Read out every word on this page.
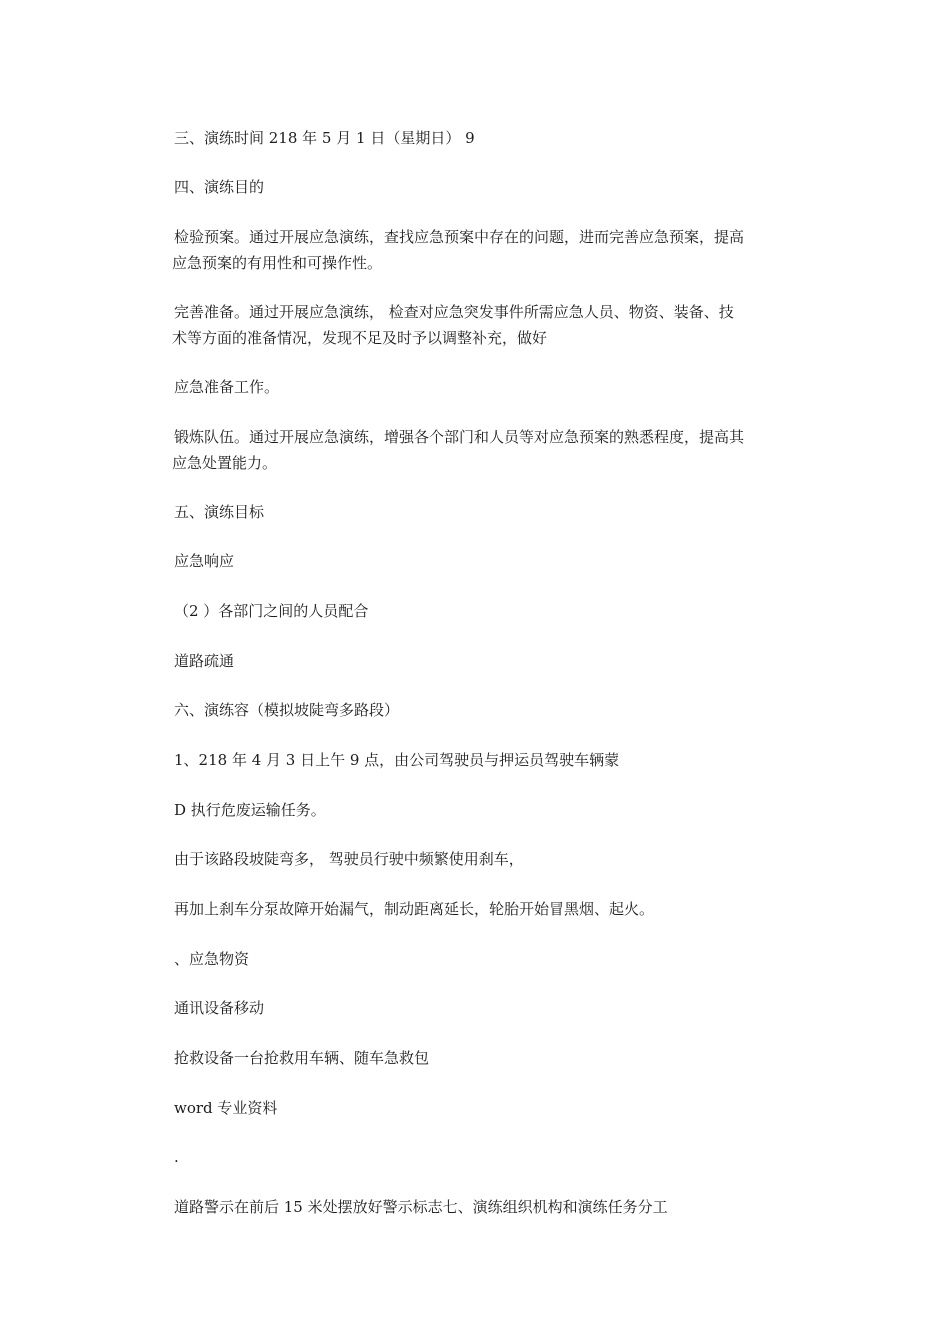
三、演练时间 218 年 5 月 1 日（星期日） 9
四、演练目的
检验预案。通过开展应急演练，查找应急预案中存在的问题，进而完善应急预案，提高
应急预案的有用性和可操作性。
完善准备。通过开展应急演练， 检查对应急突发事件所需应急人员、物资、装备、技
术等方面的准备情况，发现不足及时予以调整补充，做好
应急准备工作。
锻炼队伍。通过开展应急演练，增强各个部门和人员等对应急预案的熟悉程度，提高其
应急处置能力。
五、演练目标
应急响应
（2 ）各部门之间的人员配合
道路疏通
六、演练容（模拟坡陡弯多路段）
1、218 年 4 月 3 日上午 9 点，由公司驾驶员与押运员驾驶车辆蒙
D 执行危废运输任务。
由于该路段坡陡弯多， 驾驶员行驶中频繁使用刹车，
再加上刹车分泵故障开始漏气，制动距离延长，轮胎开始冒黑烟、起火。
、应急物资
通讯设备移动
抢救设备一台抢救用车辆、随车急救包
word 专业资料
.
道路警示在前后 15 米处摆放好警示标志七、演练组织机构和演练任务分工
